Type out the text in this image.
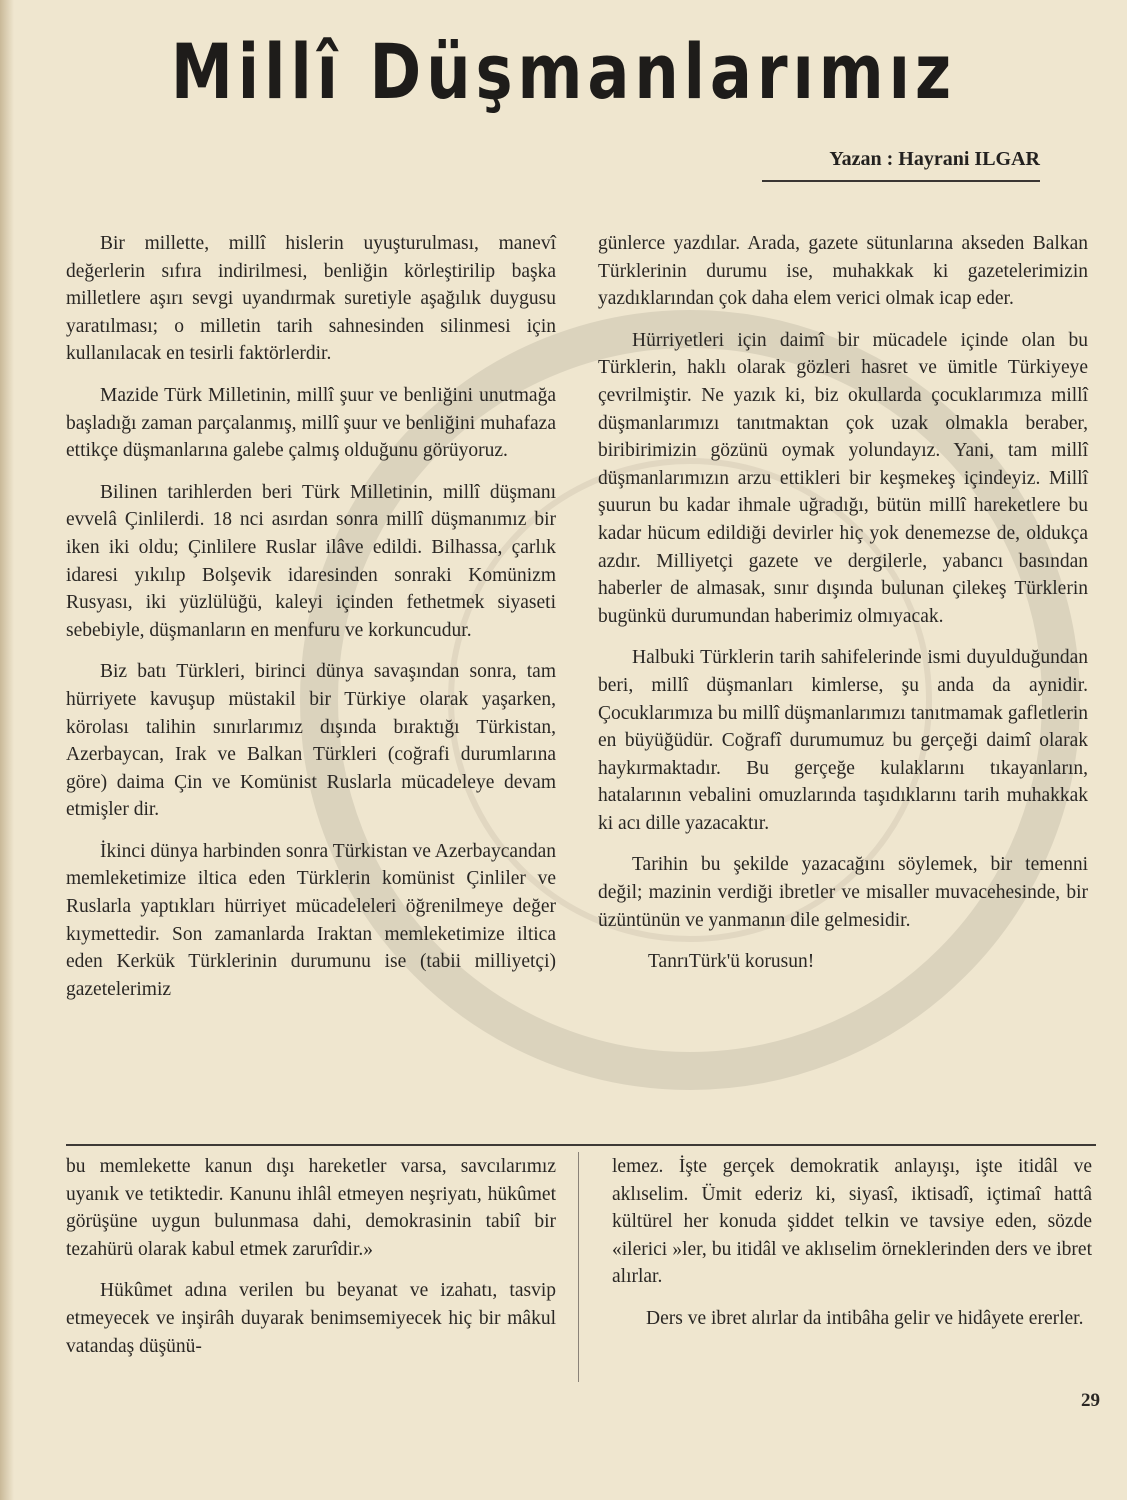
Millî Düşmanlarımız
Yazan : Hayrani ILGAR

Bir millette, millî hislerin uyuşturulması, manevî değerlerin sıfıra indirilmesi, benliğin körleştirilip başka milletlere aşırı sevgi uyandırmak suretiyle aşağılık duygusu yaratılması; o milletin tarih sahnesinden silinmesi için kullanılacak en tesirli faktörlerdir.

Mazide Türk Milletinin, millî şuur ve benliğini unutmağa başladığı zaman parçalanmış, millî şuur ve benliğini muhafaza ettikçe düşmanlarına galebe çalmış olduğunu görüyoruz.

Bilinen tarihlerden beri Türk Milletinin, millî düşmanı evvelâ Çinlilerdi. 18 nci asırdan sonra millî düşmanımız bir iken iki oldu; Çinlilere Ruslar ilâve edildi. Bilhassa, çarlık idaresi yıkılıp Bolşevik idaresinden sonraki Komünizm Rusyası, iki yüzlülüğü, kaleyi içinden fethetmek siyaseti sebebiyle, düşmanların en menfuru ve korkuncudur.

Biz batı Türkleri, birinci dünya savaşından sonra, tam hürriyete kavuşup müstakil bir Türkiye olarak yaşarken, körolası talihin sınırlarımız dışında bıraktığı Türkistan, Azerbaycan, Irak ve Balkan Türkleri (coğrafi durumlarına göre) daima Çin ve Komünist Ruslarla mücadeleye devam etmişler dir.

İkinci dünya harbinden sonra Türkistan ve Azerbaycandan memleketimize iltica eden Türklerin komünist Çinliler ve Ruslarla yaptıkları hürriyet mücadeleleri öğrenilmeye değer kıymettedir. Son zamanlarda Iraktan memleketimize iltica eden Kerkük Türklerinin durumunu ise (tabii milliyetçi) gazetelerimiz

günlerce yazdılar. Arada, gazete sütunlarına akseden Balkan Türklerinin durumu ise, muhakkak ki gazetelerimizin yazdıklarından çok daha elem verici olmak icap eder.

Hürriyetleri için daimî bir mücadele içinde olan bu Türklerin, haklı olarak gözleri hasret ve ümitle Türkiyeye çevrilmiştir. Ne yazık ki, biz okullarda çocuklarımıza millî düşmanlarımızı tanıtmaktan çok uzak olmakla beraber, biribirimizin gözünü oymak yolundayız. Yani, tam millî düşmanlarımızın arzu ettikleri bir keşmekeş içindeyiz. Millî şuurun bu kadar ihmale uğradığı, bütün millî hareketlere bu kadar hücum edildiği devirler hiç yok denemezse de, oldukça azdır. Milliyetçi gazete ve dergilerle, yabancı basından haberler de almasak, sınır dışında bulunan çilekeş Türklerin bugünkü durumundan haberimiz olmıyacak.

Halbuki Türklerin tarih sahifelerinde ismi duyulduğundan beri, millî düşmanları kimlerse, şu anda da aynidir. Çocuklarımıza bu millî düşmanlarımızı tanıtmamak gafletlerin en büyüğüdür. Coğrafî durumumuz bu gerçeği daimî olarak haykırmaktadır. Bu gerçeğe kulaklarını tıkayanların, hatalarının vebalini omuzlarında taşıdıklarını tarih muhakkak ki acı dille yazacaktır.

Tarihin bu şekilde yazacağını söylemek, bir temenni değil; mazinin verdiği ibretler ve misaller muvacehesinde, bir üzüntünün ve yanmanın dile gelmesidir.

TanrıTürk'ü korusun!

bu memlekette kanun dışı hareketler varsa, savcılarımız uyanık ve tetiktedir. Kanunu ihlâl etmeyen neşriyatı, hükûmet görüşüne uygun bulunmasa dahi, demokrasinin tabiî bir tezahürü olarak kabul etmek zarurîdir.»

Hükûmet adına verilen bu beyanat ve izahatı, tasvip etmeyecek ve inşirâh duyarak benimsemiyecek hiç bir mâkul vatandaş düşünü-

lemez. İşte gerçek demokratik anlayışı, işte itidâl ve aklıselim. Ümit ederiz ki, siyasî, iktisadî, içtimaî hattâ kültürel her konuda şiddet telkin ve tavsiye eden, sözde «ilerici »ler, bu itidâl ve aklıselim örneklerinden ders ve ibret alırlar.

Ders ve ibret alırlar da intibâha gelir ve hidâyete ererler.

29
